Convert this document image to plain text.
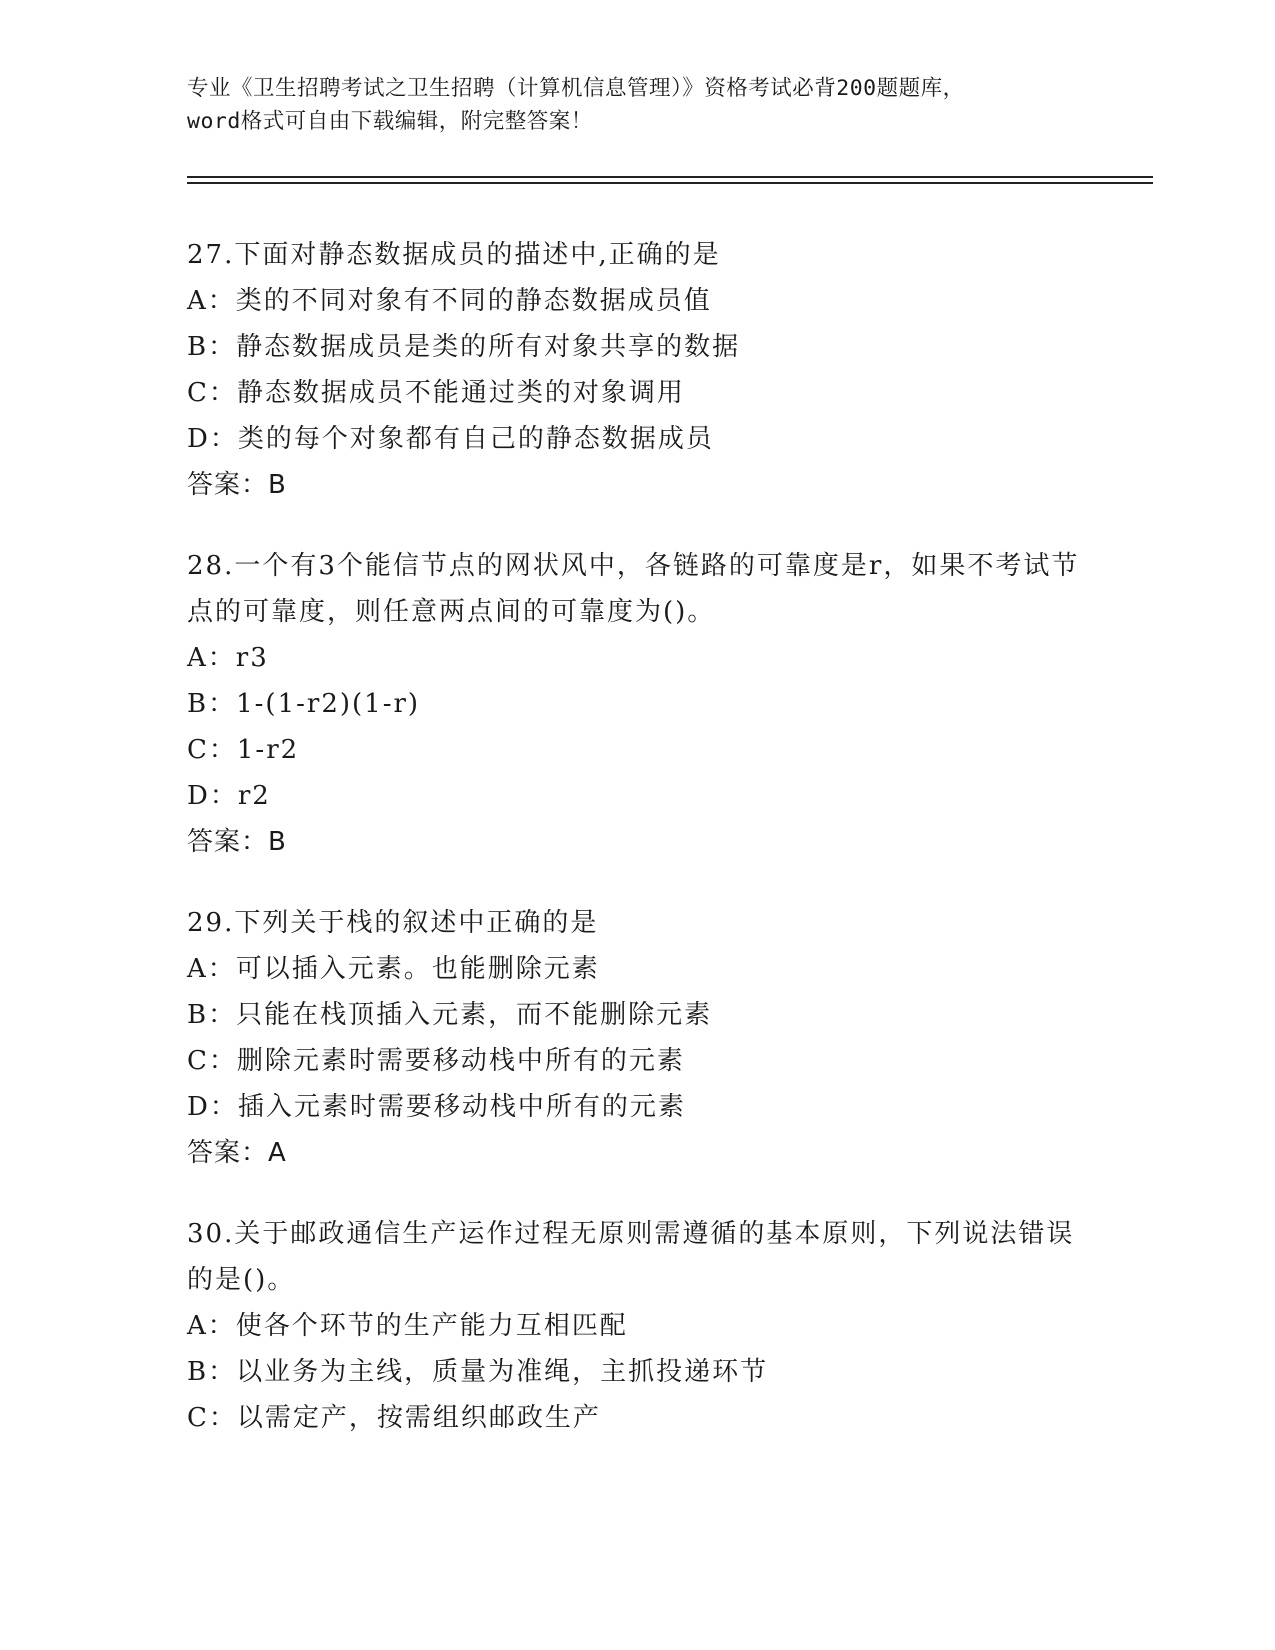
专业《卫生招聘考试之卫生招聘（计算机信息管理）》资格考试必背200题题库，
word格式可自由下载编辑，附完整答案！
27.下面对静态数据成员的描述中,正确的是
A：类的不同对象有不同的静态数据成员值
B：静态数据成员是类的所有对象共享的数据
C：静态数据成员不能通过类的对象调用
D：类的每个对象都有自己的静态数据成员
答案：B
28.一个有3个能信节点的网状风中，各链路的可靠度是r，如果不考试节点的可靠度，则任意两点间的可靠度为()。
A：r3
B：1-(1-r2)(1-r)
C：1-r2
D：r2
答案：B
29.下列关于栈的叙述中正确的是
A：可以插入元素。也能删除元素
B：只能在栈顶插入元素，而不能删除元素
C：删除元素时需要移动栈中所有的元素
D：插入元素时需要移动栈中所有的元素
答案：A
30.关于邮政通信生产运作过程无原则需遵循的基本原则，下列说法错误的是()。
A：使各个环节的生产能力互相匹配
B：以业务为主线，质量为准绳，主抓投递环节
C：以需定产，按需组织邮政生产
